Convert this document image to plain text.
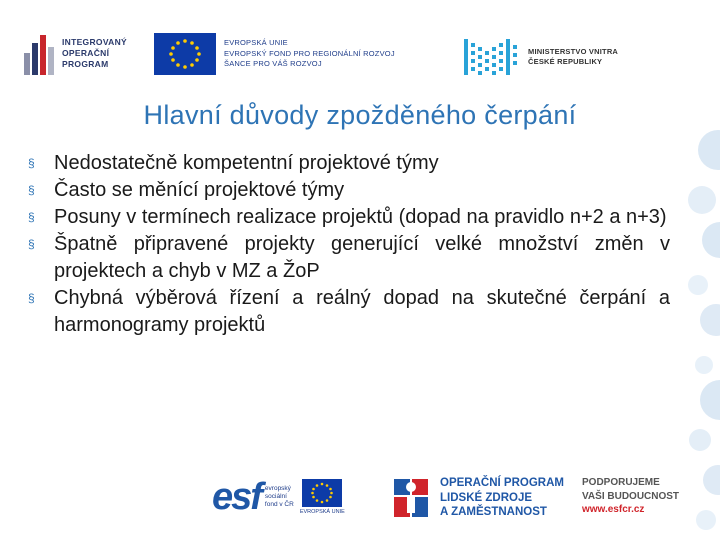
INTEGROVANÝ
OPERAČNÍ
PROGRAM
EVROPSKÁ UNIE
EVROPSKÝ FOND PRO REGIONÁLNÍ ROZVOJ
ŠANCE PRO VÁŠ ROZVOJ
MINISTERSTVO VNITRA
ČESKÉ REPUBLIKY
Hlavní důvody zpožděného čerpání
§ Nedostatečně kompetentní projektové týmy
§ Často se měnící projektové týmy
§ Posuny v termínech realizace projektů (dopad na pravidlo n+2 a n+3)
§ Špatně připravené projekty generující velké množství změn v projektech a chyb v MZ a ŽoP
§ Chybná výběrová řízení a reálný dopad na skutečné čerpání a harmonogramy projektů
esf evropský
sociální
fond v ČR
EVROPSKÁ UNIE
OPERAČNÍ PROGRAM
LIDSKÉ ZDROJE
A ZAMĚSTNANOST
PODPORUJEME
VAŠI BUDOUCNOST
www.esfcr.cz
